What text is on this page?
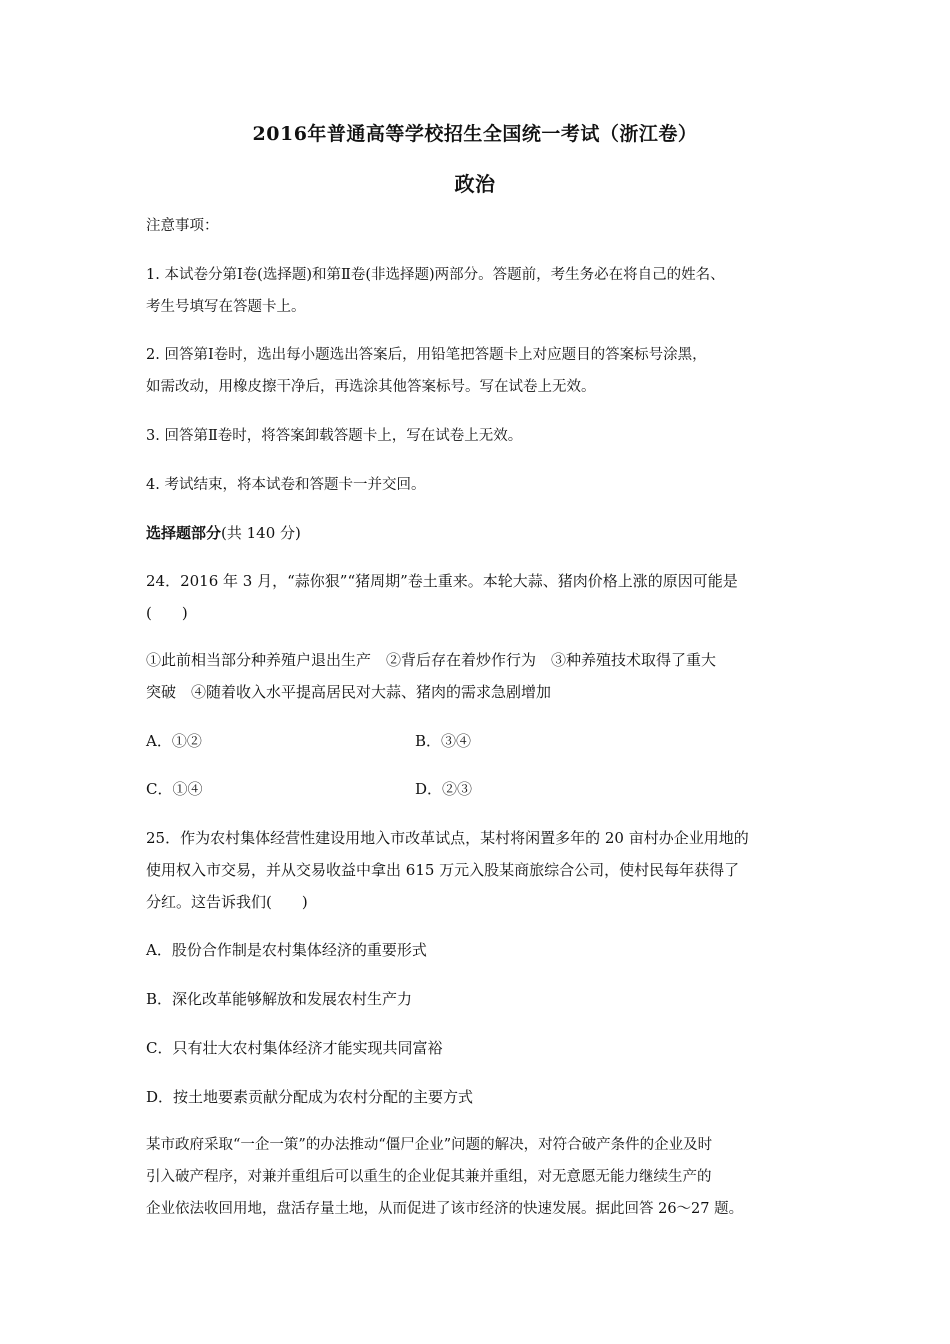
2016年普通高等学校招生全国统一考试（浙江卷）
政治
注意事项：
1. 本试卷分第Ⅰ卷(选择题)和第Ⅱ卷(非选择题)两部分。答题前，考生务必在将自己的姓名、
考生号填写在答题卡上。
2. 回答第Ⅰ卷时，选出每小题选出答案后，用铅笔把答题卡上对应题目的答案标号涂黑，
如需改动，用橡皮擦干净后，再选涂其他答案标号。写在试卷上无效。
3. 回答第Ⅱ卷时，将答案卸载答题卡上，写在试卷上无效。
4. 考试结束，将本试卷和答题卡一并交回。
选择题部分(共 140 分)
24．2016 年 3 月，“蒜你狠”“猪周期”卷土重来。本轮大蒜、猪肉价格上涨的原因可能是
(　　)
①此前相当部分种养殖户退出生产　②背后存在着炒作行为　③种养殖技术取得了重大
突破　④随着收入水平提高居民对大蒜、猪肉的需求急剧增加
A．①②	B．③④
C．①④	D．②③
25．作为农村集体经营性建设用地入市改革试点，某村将闲置多年的 20 亩村办企业用地的
使用权入市交易，并从交易收益中拿出 615 万元入股某商旅综合公司，使村民每年获得了
分红。这告诉我们(　　)
A．股份合作制是农村集体经济的重要形式
B．深化改革能够解放和发展农村生产力
C．只有壮大农村集体经济才能实现共同富裕
D．按土地要素贡献分配成为农村分配的主要方式
某市政府采取“一企一策”的办法推动“僵尸企业”问题的解决，对符合破产条件的企业及时
引入破产程序，对兼并重组后可以重生的企业促其兼并重组，对无意愿无能力继续生产的
企业依法收回用地，盘活存量土地，从而促进了该市经济的快速发展。据此回答 26～27 题。
